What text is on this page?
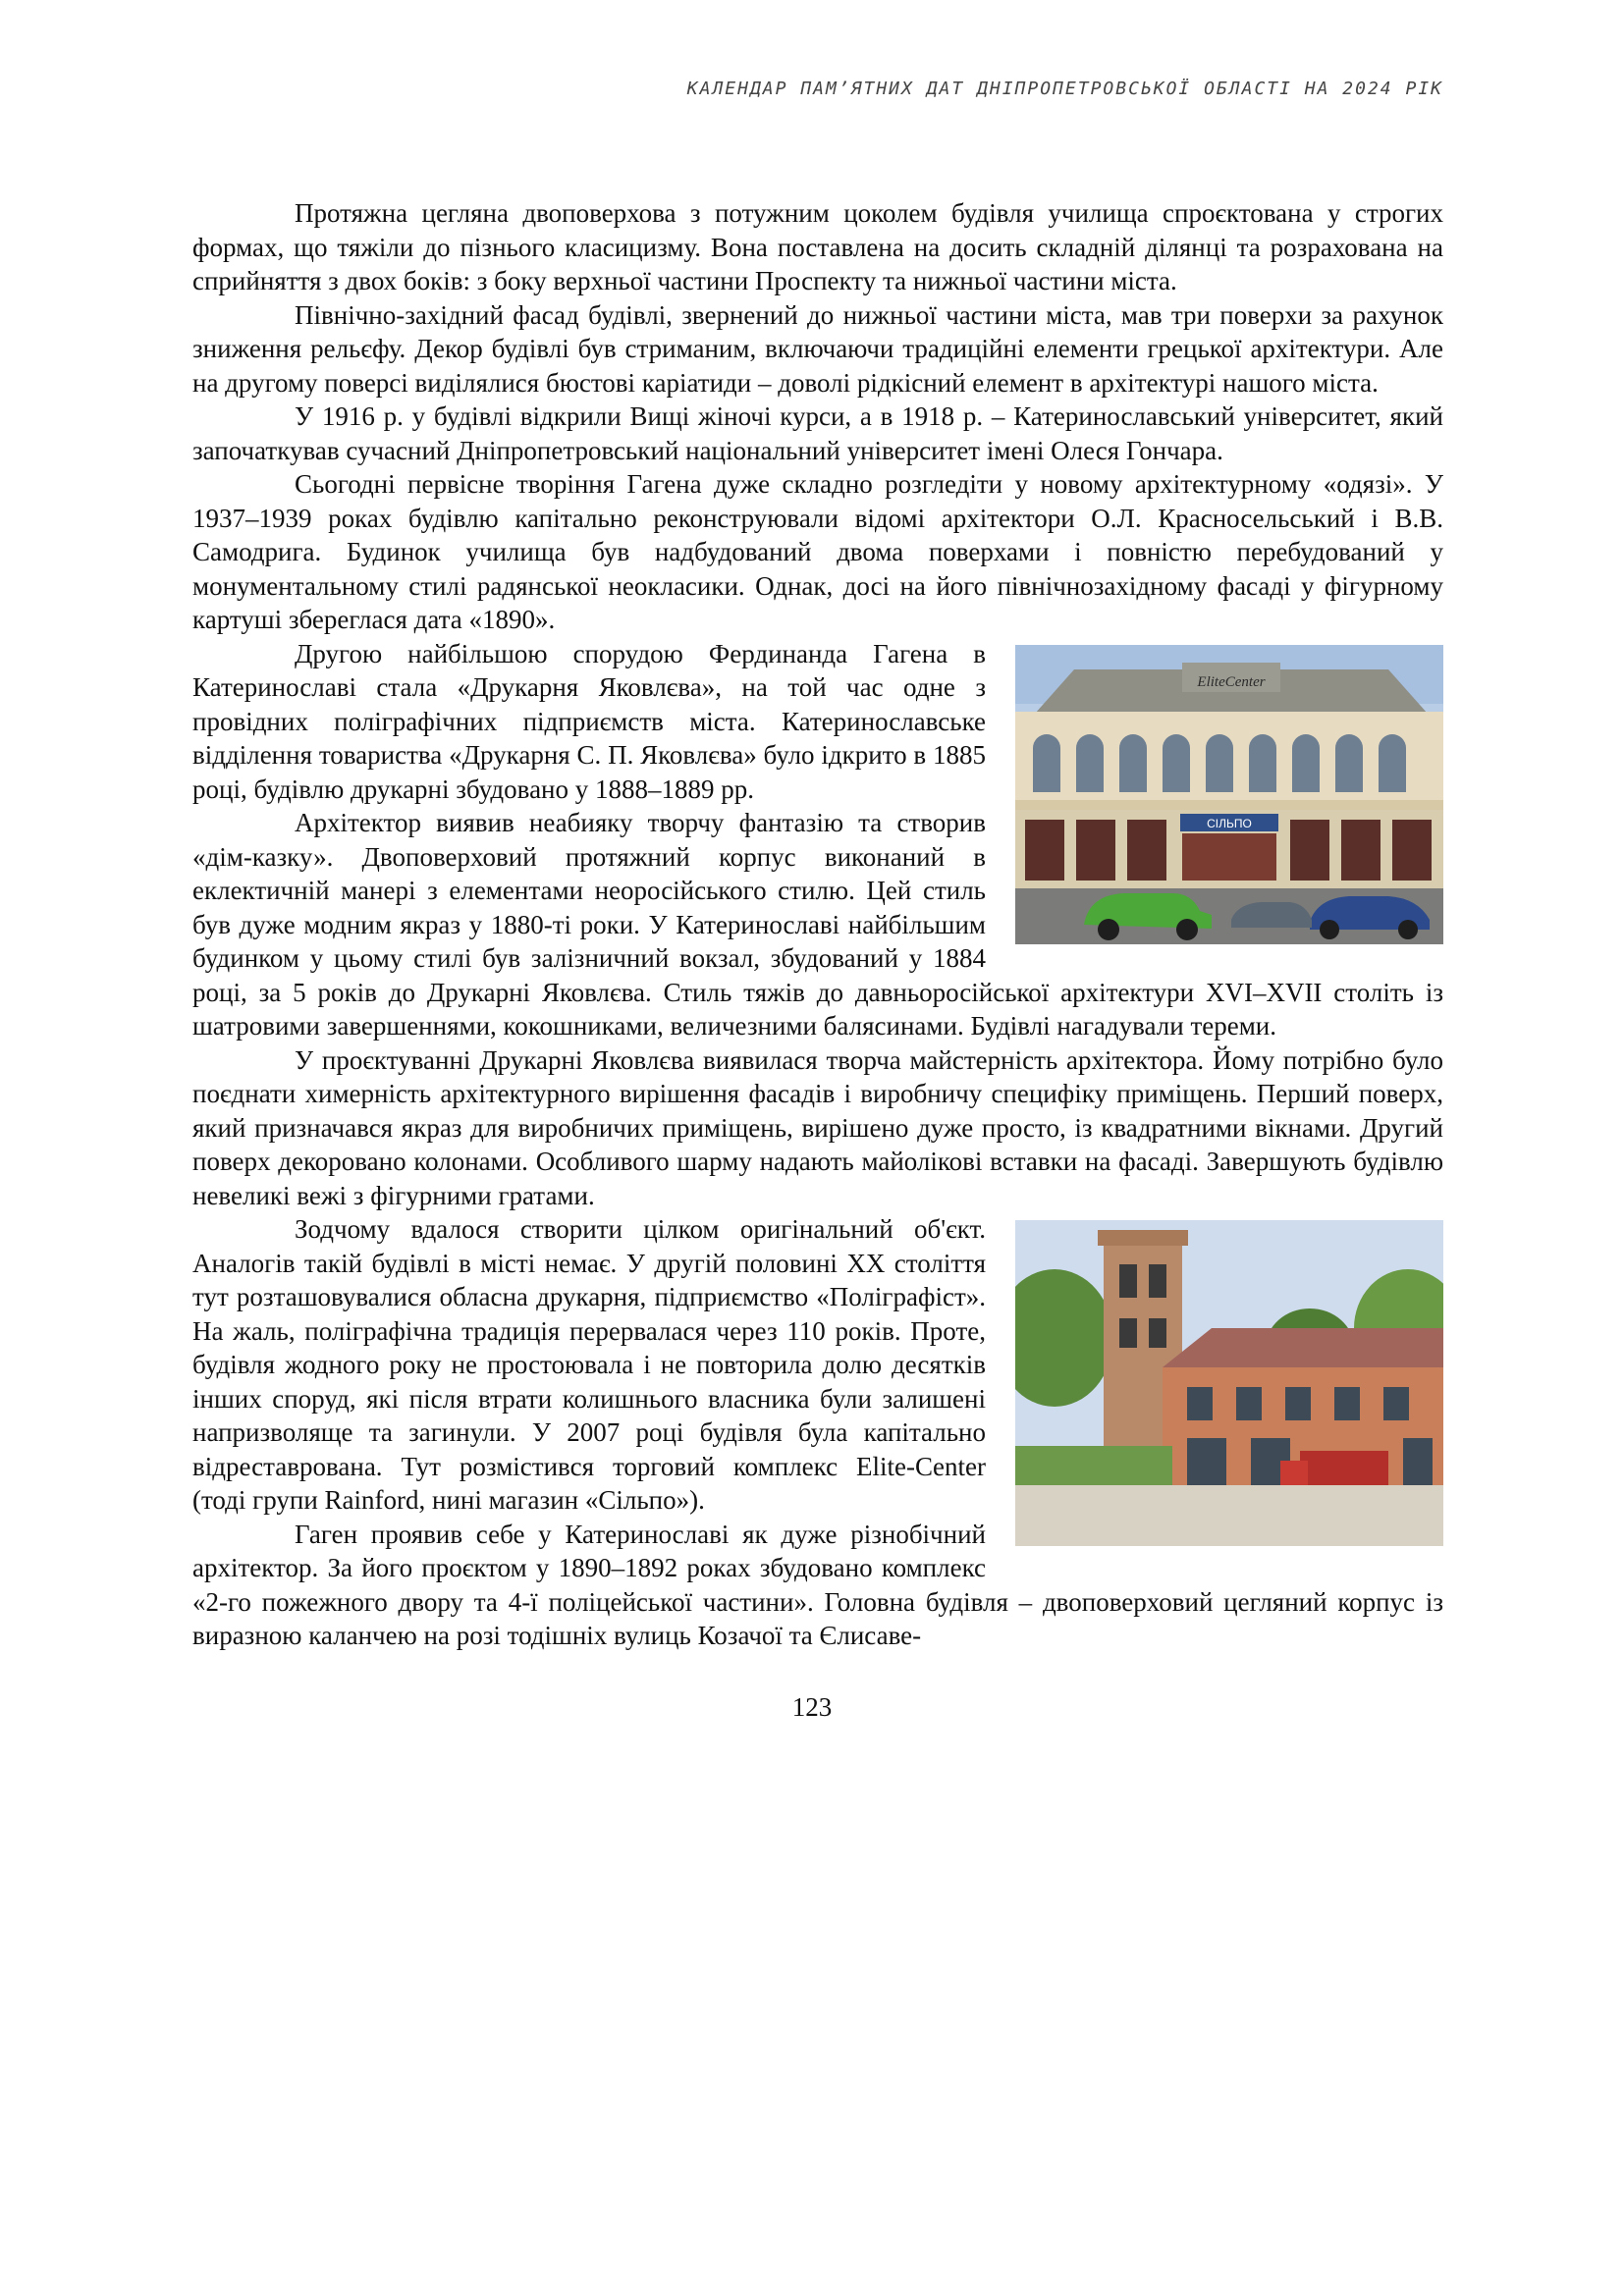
КАЛЕНДАР ПАМ’ЯТНИХ ДАТ ДНІПРОПЕТРОВСЬКОЇ ОБЛАСТІ НА 2024 РІК

Протяжна цегляна двоповерхова з потужним цоколем будівля училища спроєктована у строгих формах, що тяжіли до пізнього класицизму. Вона поставлена на досить складній ділянці та розрахована на сприйняття з двох боків: з боку верхньої частини Проспекту та нижньої частини міста.

Північно-західний фасад будівлі, звернений до нижньої частини міста, мав три поверхи за рахунок зниження рельєфу. Декор будівлі був стриманим, включаючи традиційні елементи грецької архітектури. Але на другому поверсі виділялися бюстові каріатиди – доволі рідкісний елемент в архітектурі нашого міста.

У 1916 р. у будівлі відкрили Вищі жіночі курси, а в 1918 р. – Катеринославський університет, який започаткував сучасний Дніпропетровський національний університет імені Олеся Гончара.

Сьогодні первісне творіння Гагена дуже складно розгледіти у новому архітектурному «одязі». У 1937–1939 роках будівлю капітально реконструювали відомі архітектори О.Л. Красносельський і В.В. Самодрига. Будинок училища був надбудований двома поверхами і повністю перебудований у монументальному стилі радянської неокласики. Однак, досі на його північнозахідному фасаді у фігурному картуші збереглася дата «1890».

EliteCenter
СІЛЬПО

Другою найбільшою спорудою Фердинанда Гагена в Катеринославі стала «Друкарня Яковлєва», на той час одне з провідних поліграфічних підприємств міста. Катеринославське відділення товариства «Друкарня С. П. Яковлєва» було ідкрито в 1885 році, будівлю друкарні збудовано у 1888–1889 рр.

Архітектор виявив неабияку творчу фантазію та створив «дім-казку». Двоповерховий протяжний корпус виконаний в еклектичній манері з елементами неоросійського стилю. Цей стиль був дуже модним якраз у 1880-ті роки. У Катеринославі найбільшим будинком у цьому стилі був залізничний вокзал, збудований у 1884 році, за 5 років до Друкарні Яковлєва. Стиль тяжів до давньоросійської архітектури XVI–XVII століть із шатровими завершеннями, кокошниками, величезними балясинами. Будівлі нагадували тереми.

У проєктуванні Друкарні Яковлєва виявилася творча майстерність архітектора. Йому потрібно було поєднати химерність архітектурного вирішення фасадів і виробничу специфіку приміщень. Перший поверх, який призначався якраз для виробничих приміщень, вирішено дуже просто, із квадратними вікнами. Другий поверх декоровано колонами. Особливого шарму надають майолікові вставки на фасаді. Завершують будівлю невеликі вежі з фігурними гратами.

Зодчому вдалося створити цілком оригінальний об'єкт. Аналогів такій будівлі в місті немає. У другій половині XX століття тут розташовувалися обласна друкарня, підприємство «Поліграфіст». На жаль, поліграфічна традиція перервалася через 110 років. Проте, будівля жодного року не простоювала і не повторила долю десятків інших споруд, які після втрати колишнього власника були залишені напризволяще та загинули. У 2007 році будівля була капітально відреставрована. Тут розмістився торговий комплекс Elite-Center (тоді групи Rainford, нині магазин «Сільпо»).

Гаген проявив себе у Катеринославі як дуже різнобічний архітектор. За його проєктом у 1890–1892 роках збудовано комплекс «2-го пожежного двору та 4-ї поліцейської частини». Головна будівля – двоповерховий цегляний корпус із виразною каланчею на розі тодішніх вулиць Козачої та Єлисаве-

123
